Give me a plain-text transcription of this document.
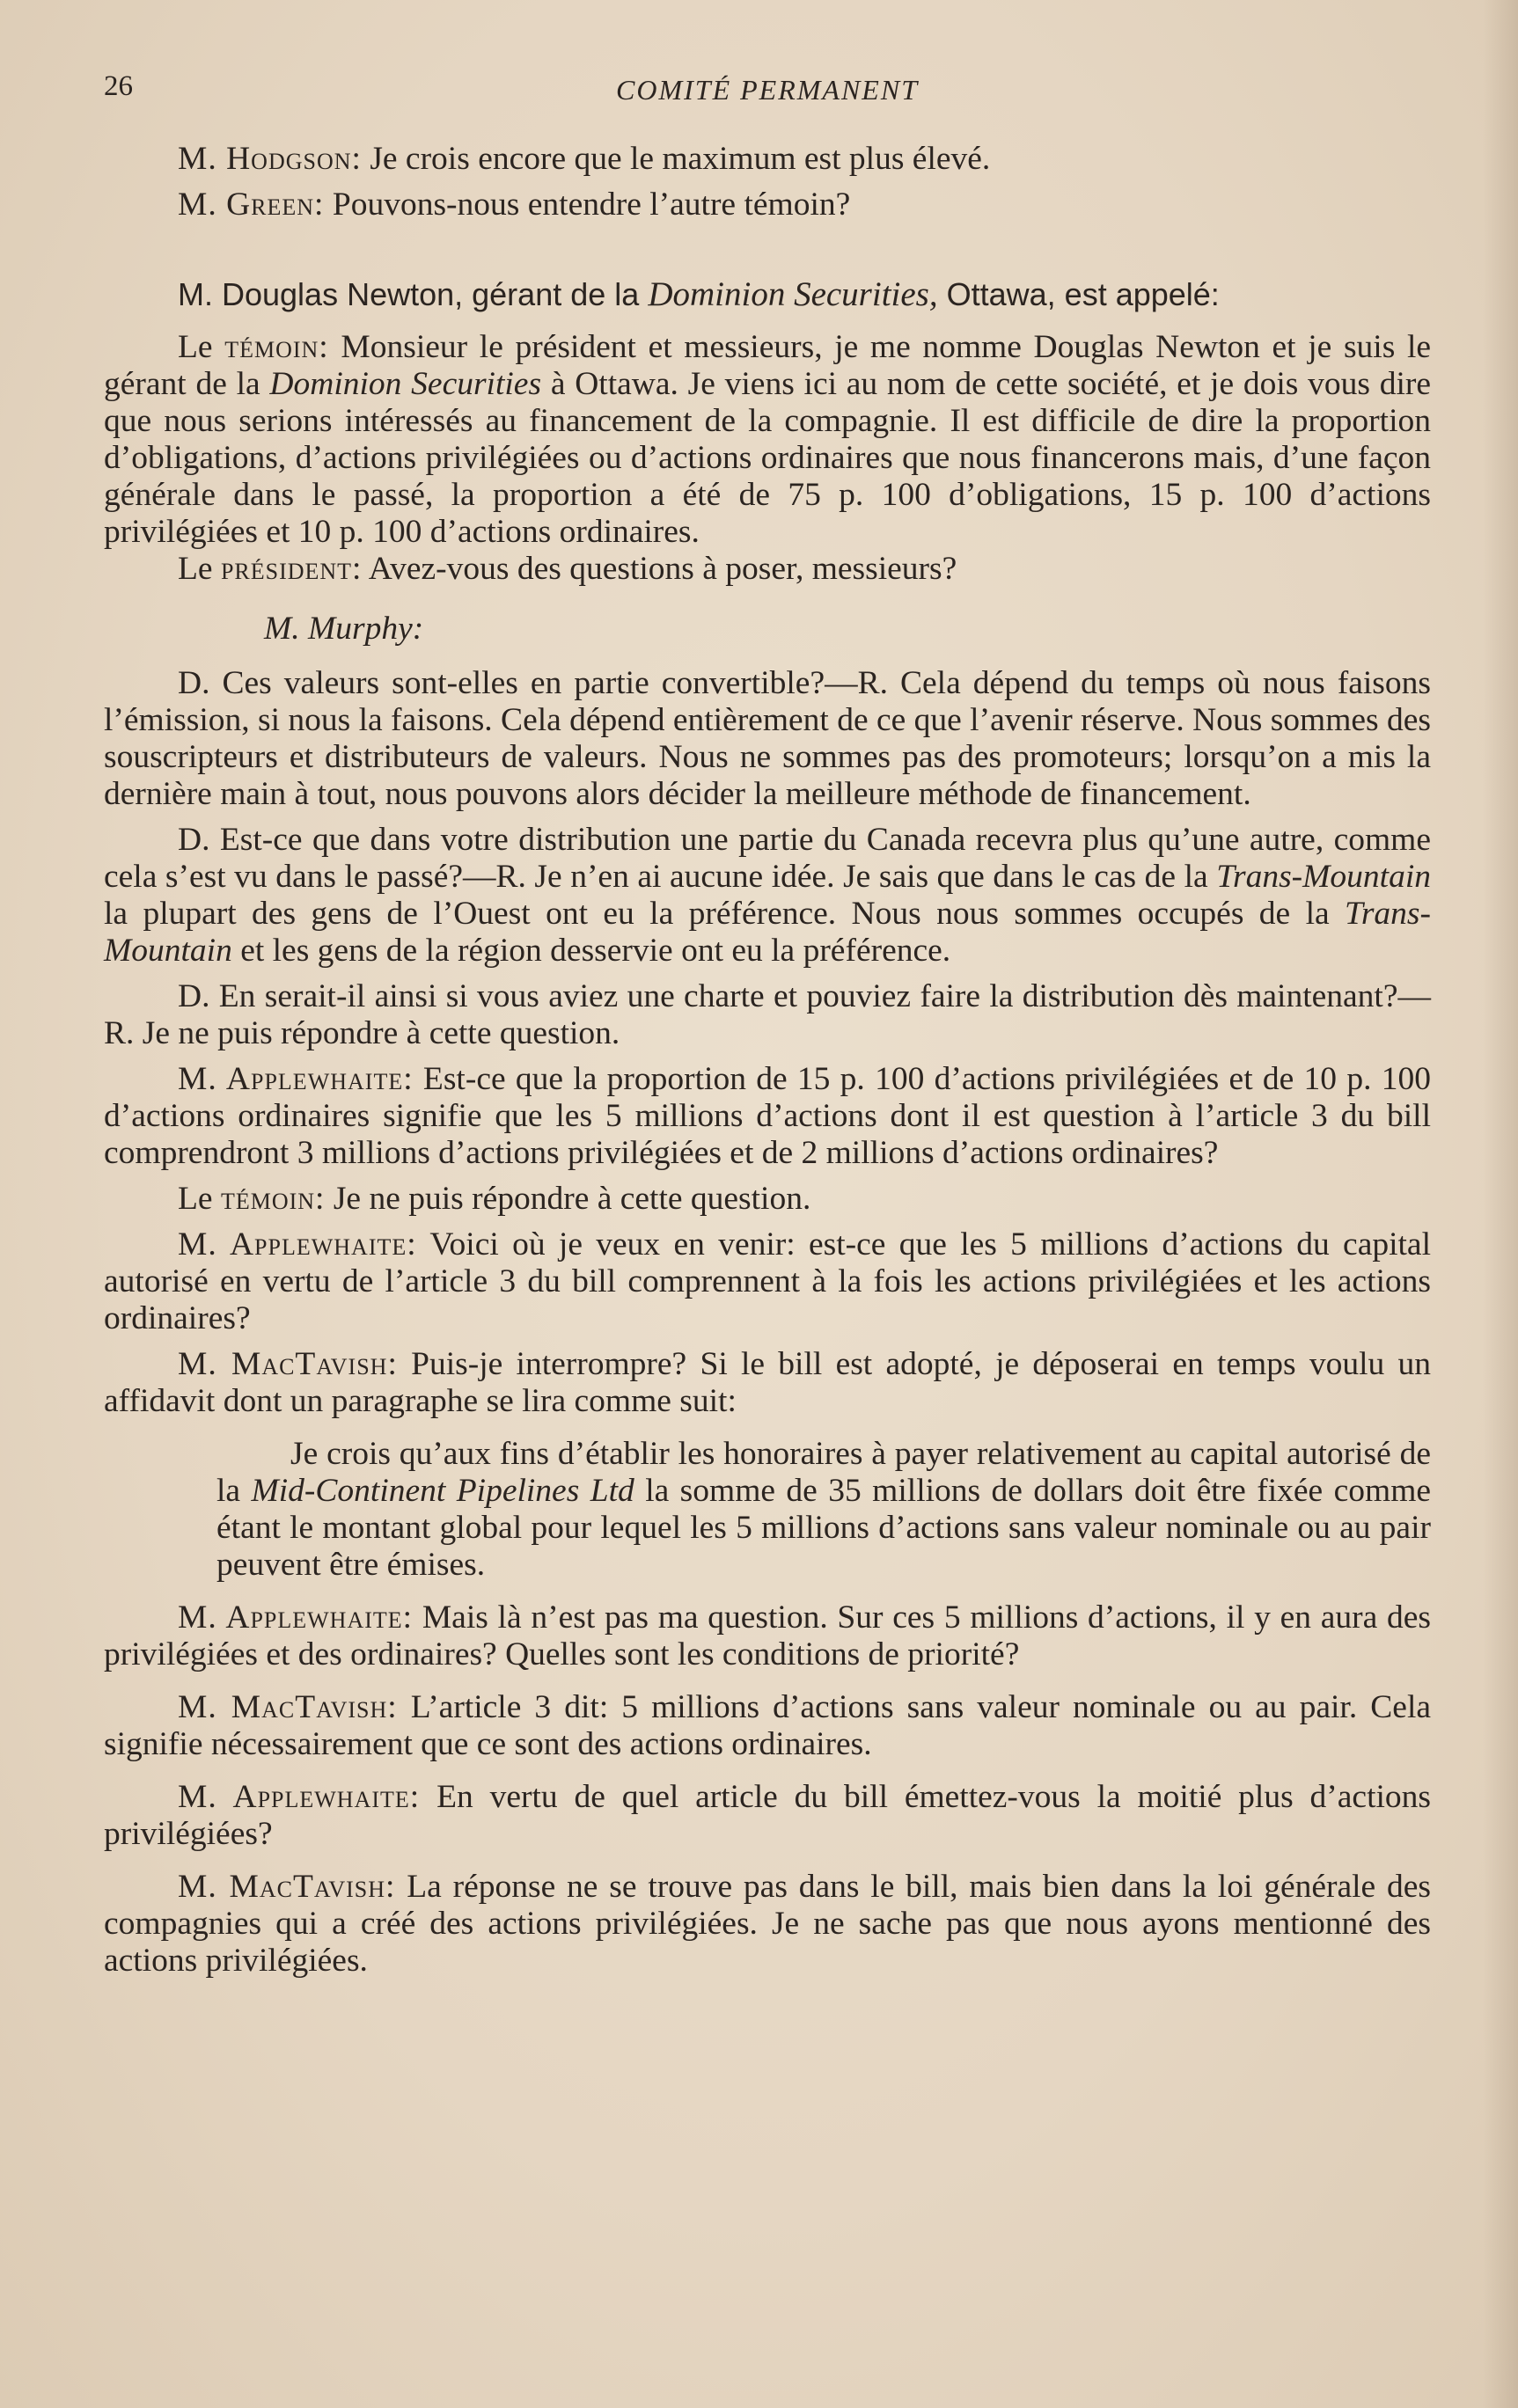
26	COMITÉ PERMANENT

M. Hodgson: Je crois encore que le maximum est plus élevé.

M. Green: Pouvons-nous entendre l’autre témoin?

M. Douglas Newton, gérant de la Dominion Securities, Ottawa, est appelé:

Le témoin: Monsieur le président et messieurs, je me nomme Douglas Newton et je suis le gérant de la Dominion Securities à Ottawa. Je viens ici au nom de cette société, et je dois vous dire que nous serions intéressés au financement de la compagnie. Il est difficile de dire la proportion d’obligations, d’actions privilégiées ou d’actions ordinaires que nous financerons mais, d’une façon générale dans le passé, la proportion a été de 75 p. 100 d’obligations, 15 p. 100 d’actions privilégiées et 10 p. 100 d’actions ordinaires.

Le président: Avez-vous des questions à poser, messieurs?

M. Murphy:

D. Ces valeurs sont-elles en partie convertible?—R. Cela dépend du temps où nous faisons l’émission, si nous la faisons. Cela dépend entièrement de ce que l’avenir réserve. Nous sommes des souscripteurs et distributeurs de valeurs. Nous ne sommes pas des promoteurs; lorsqu’on a mis la dernière main à tout, nous pouvons alors décider la meilleure méthode de financement.

D. Est-ce que dans votre distribution une partie du Canada recevra plus qu’une autre, comme cela s’est vu dans le passé?—R. Je n’en ai aucune idée. Je sais que dans le cas de la Trans-Mountain la plupart des gens de l’Ouest ont eu la préférence. Nous nous sommes occupés de la Trans-Mountain et les gens de la région desservie ont eu la préférence.

D. En serait-il ainsi si vous aviez une charte et pouviez faire la distribution dès maintenant?—R. Je ne puis répondre à cette question.

M. Applewhaite: Est-ce que la proportion de 15 p. 100 d’actions privilégiées et de 10 p. 100 d’actions ordinaires signifie que les 5 millions d’actions dont il est question à l’article 3 du bill comprendront 3 millions d’actions privilégiées et de 2 millions d’actions ordinaires?

Le témoin: Je ne puis répondre à cette question.

M. Applewhaite: Voici où je veux en venir: est-ce que les 5 millions d’actions du capital autorisé en vertu de l’article 3 du bill comprennent à la fois les actions privilégiées et les actions ordinaires?

M. MacTavish: Puis-je interrompre? Si le bill est adopté, je déposerai en temps voulu un affidavit dont un paragraphe se lira comme suit:

Je crois qu’aux fins d’établir les honoraires à payer relativement au capital autorisé de la Mid-Continent Pipelines Ltd la somme de 35 millions de dollars doit être fixée comme étant le montant global pour lequel les 5 millions d’actions sans valeur nominale ou au pair peuvent être émises.

M. Applewhaite: Mais là n’est pas ma question. Sur ces 5 millions d’actions, il y en aura des privilégiées et des ordinaires? Quelles sont les conditions de priorité?

M. MacTavish: L’article 3 dit: 5 millions d’actions sans valeur nominale ou au pair. Cela signifie nécessairement que ce sont des actions ordinaires.

M. Applewhaite: En vertu de quel article du bill émettez-vous la moitié plus d’actions privilégiées?

M. MacTavish: La réponse ne se trouve pas dans le bill, mais bien dans la loi générale des compagnies qui a créé des actions privilégiées. Je ne sache pas que nous ayons mentionné des actions privilégiées.
